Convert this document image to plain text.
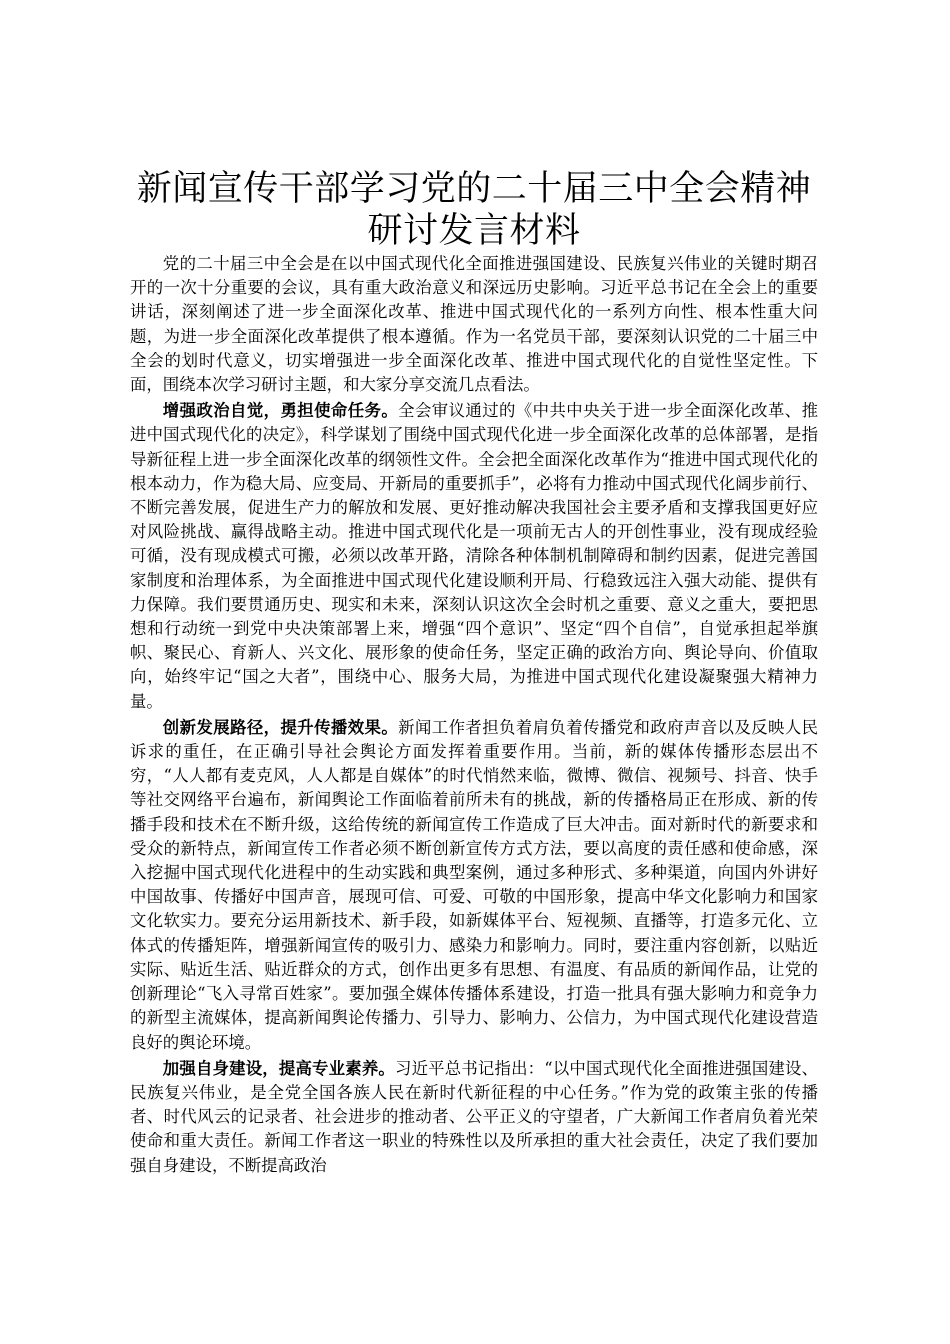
新闻宣传干部学习党的二十届三中全会精神研讨发言材料

党的二十届三中全会是在以中国式现代化全面推进强国建设、民族复兴伟业的关键时期召开的一次十分重要的会议，具有重大政治意义和深远历史影响。习近平总书记在全会上的重要讲话，深刻阐述了进一步全面深化改革、推进中国式现代化的一系列方向性、根本性重大问题，为进一步全面深化改革提供了根本遵循。作为一名党员干部，要深刻认识党的二十届三中全会的划时代意义，切实增强进一步全面深化改革、推进中国式现代化的自觉性坚定性。下面，围绕本次学习研讨主题，和大家分享交流几点看法。

增强政治自觉，勇担使命任务。全会审议通过的《中共中央关于进一步全面深化改革、推进中国式现代化的决定》，科学谋划了围绕中国式现代化进一步全面深化改革的总体部署，是指导新征程上进一步全面深化改革的纲领性文件。全会把全面深化改革作为“推进中国式现代化的根本动力，作为稳大局、应变局、开新局的重要抓手”，必将有力推动中国式现代化阔步前行、不断完善发展，促进生产力的解放和发展、更好推动解决我国社会主要矛盾和支撑我国更好应对风险挑战、赢得战略主动。推进中国式现代化是一项前无古人的开创性事业，没有现成经验可循，没有现成模式可搬，必须以改革开路，清除各种体制机制障碍和制约因素，促进完善国家制度和治理体系，为全面推进中国式现代化建设顺利开局、行稳致远注入强大动能、提供有力保障。我们要贯通历史、现实和未来，深刻认识这次全会时机之重要、意义之重大，要把思想和行动统一到党中央决策部署上来，增强“四个意识”、坚定“四个自信”，自觉承担起举旗帜、聚民心、育新人、兴文化、展形象的使命任务，坚定正确的政治方向、舆论导向、价值取向，始终牢记“国之大者”，围绕中心、服务大局，为推进中国式现代化建设凝聚强大精神力量。

创新发展路径，提升传播效果。新闻工作者担负着肩负着传播党和政府声音以及反映人民诉求的重任，在正确引导社会舆论方面发挥着重要作用。当前，新的媒体传播形态层出不穷，“人人都有麦克风，人人都是自媒体”的时代悄然来临，微博、微信、视频号、抖音、快手等社交网络平台遍布，新闻舆论工作面临着前所未有的挑战，新的传播格局正在形成、新的传播手段和技术在不断升级，这给传统的新闻宣传工作造成了巨大冲击。面对新时代的新要求和受众的新特点，新闻宣传工作者必须不断创新宣传方式方法，要以高度的责任感和使命感，深入挖掘中国式现代化进程中的生动实践和典型案例，通过多种形式、多种渠道，向国内外讲好中国故事、传播好中国声音，展现可信、可爱、可敬的中国形象，提高中华文化影响力和国家文化软实力。要充分运用新技术、新手段，如新媒体平台、短视频、直播等，打造多元化、立体式的传播矩阵，增强新闻宣传的吸引力、感染力和影响力。同时，要注重内容创新，以贴近实际、贴近生活、贴近群众的方式，创作出更多有思想、有温度、有品质的新闻作品，让党的创新理论“飞入寻常百姓家”。要加强全媒体传播体系建设，打造一批具有强大影响力和竞争力的新型主流媒体，提高新闻舆论传播力、引导力、影响力、公信力，为中国式现代化建设营造良好的舆论环境。

加强自身建设，提高专业素养。习近平总书记指出：“以中国式现代化全面推进强国建设、民族复兴伟业，是全党全国各族人民在新时代新征程的中心任务。”作为党的政策主张的传播者、时代风云的记录者、社会进步的推动者、公平正义的守望者，广大新闻工作者肩负着光荣使命和重大责任。新闻工作者这一职业的特殊性以及所承担的重大社会责任，决定了我们要加强自身建设，不断提高政治
